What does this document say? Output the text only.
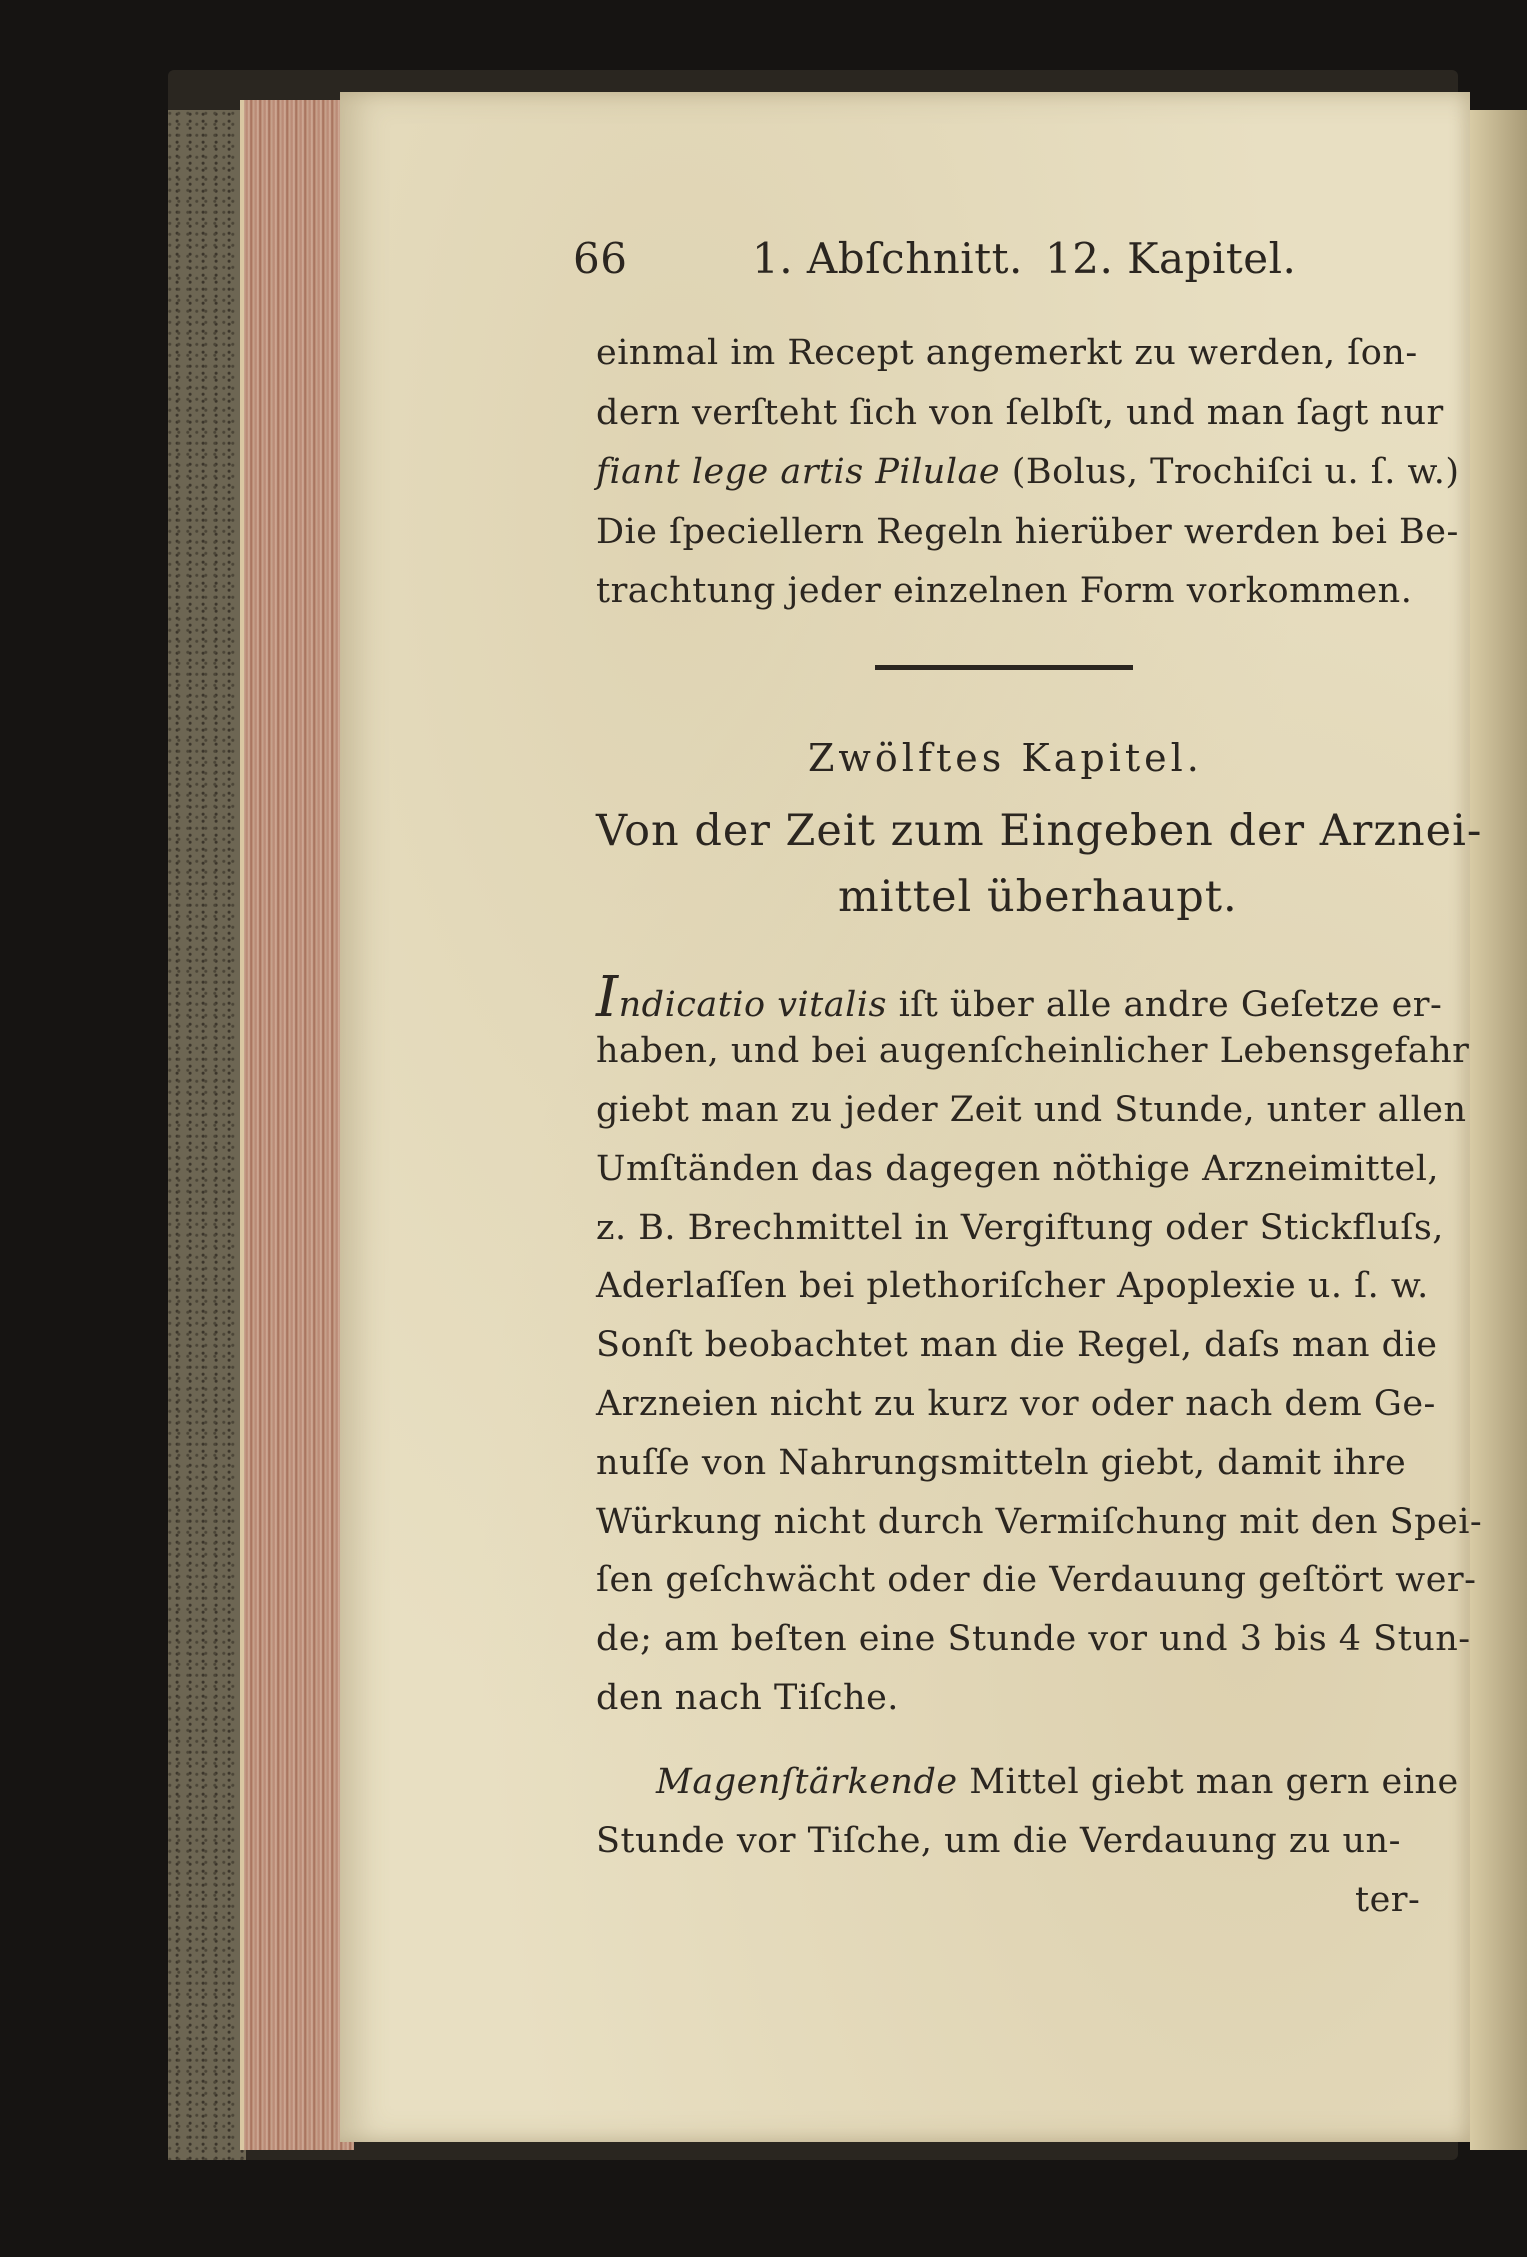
66	1. Abſchnitt. 12. Kapitel.
einmal im Recept angemerkt zu werden, ſon-
dern verſteht ſich von ſelbſt, und man ſagt nur
fiant lege artis Pilulae (Bolus, Trochiſci u. ſ. w.)
Die ſpeciellern Regeln hierüber werden bei Be-
trachtung jeder einzelnen Form vorkommen.
Zwölftes Kapitel.
Von der Zeit zum Eingeben der Arznei-
mittel überhaupt.
Indicatio vitalis iſt über alle andre Geſetze er-
haben, und bei augenſcheinlicher Lebensgefahr
giebt man zu jeder Zeit und Stunde, unter allen
Umſtänden das dagegen nöthige Arzneimittel,
z. B. Brechmittel in Vergiftung oder Stickfluſs,
Aderlaſſen bei plethoriſcher Apoplexie u. ſ. w.
Sonſt beobachtet man die Regel, daſs man die
Arzneien nicht zu kurz vor oder nach dem Ge-
nuſſe von Nahrungsmitteln giebt, damit ihre
Würkung nicht durch Vermiſchung mit den Spei-
ſen geſchwächt oder die Verdauung geſtört wer-
de; am beſten eine Stunde vor und 3 bis 4 Stun-
den nach Tiſche.
Magenſtärkende Mittel giebt man gern eine
Stunde vor Tiſche, um die Verdauung zu un-
ter-
